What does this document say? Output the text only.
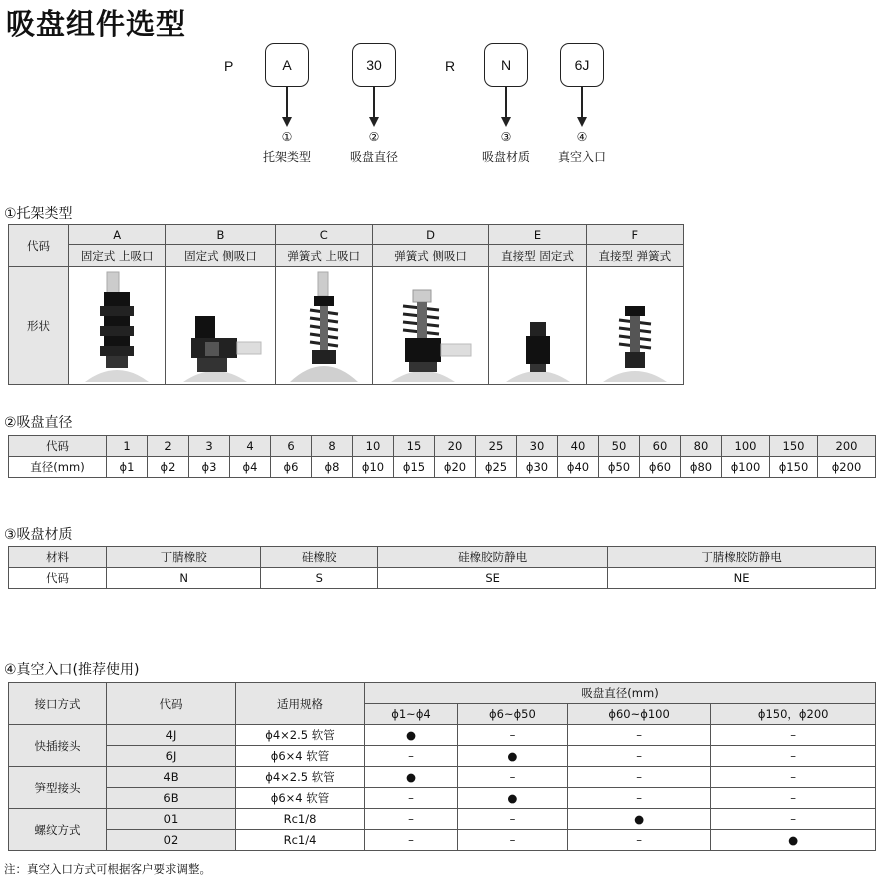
吸盘组件选型
P	A	30	R	N	6J
①	②	③	④
托架类型	吸盘直径	吸盘材质	真空入口
①托架类型
代码	A	B	C	D	E	F
	固定式 上吸口	固定式 侧吸口	弹簧式 上吸口	弹簧式 侧吸口	直接型 固定式	直接型 弹簧式
形状	

②吸盘直径
代码	1	2	3	4	6	8	10	15	20	25	30	40	50	60	80	100	150	200
直径(mm)	ϕ1	ϕ2	ϕ3	ϕ4	ϕ6	ϕ8	ϕ10	ϕ15	ϕ20	ϕ25	ϕ30	ϕ40	ϕ50	ϕ60	ϕ80	ϕ100	ϕ150	ϕ200
③吸盘材质
材料	丁腈橡胶	硅橡胶	硅橡胶防静电	丁腈橡胶防静电
代码	N	S	SE	NE
④真空入口(推荐使用)
接口方式	代码	适用规格	吸盘直径(mm)			
			ϕ1~ϕ4	ϕ6~ϕ50	ϕ60~ϕ100	ϕ150，ϕ200
快插接头	4J	ϕ4×2.5 软管	●	–	–	–
	6J	ϕ6×4 软管	–	●	–	–
笋型接头	4B	ϕ4×2.5 软管	●	–	–	–
	6B	ϕ6×4 软管	–	●	–	–
螺纹方式	01	Rc1/8	–	–	●	–
	02	Rc1/4	–	–	–	●
注：真空入口方式可根据客户要求调整。
